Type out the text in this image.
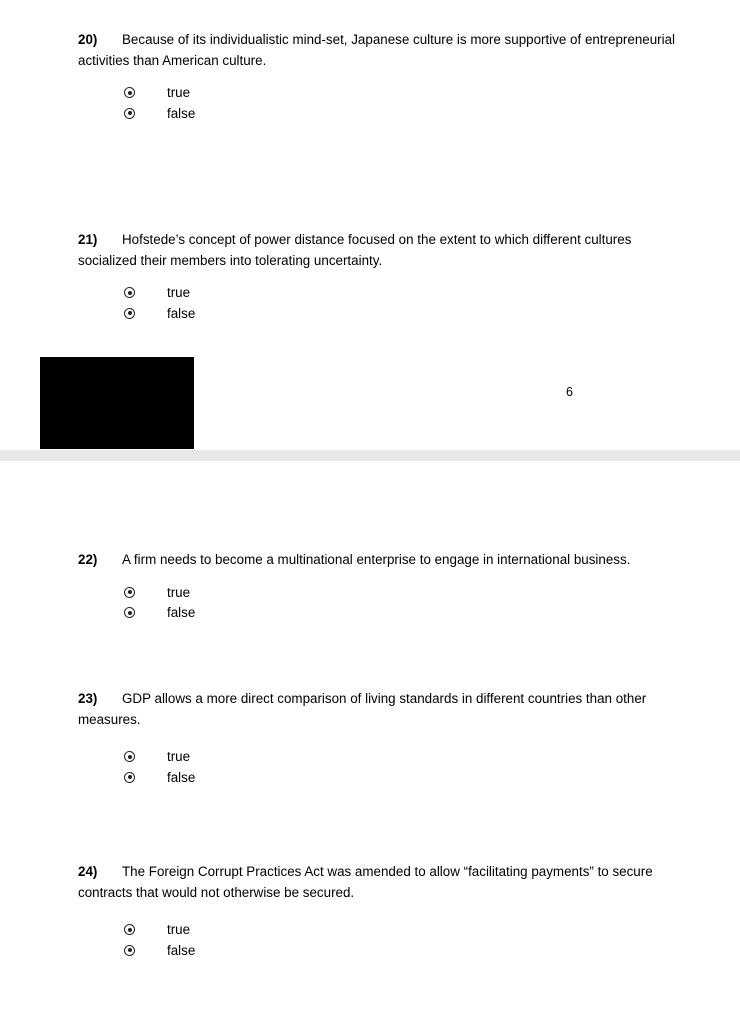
20) Because of its individualistic mind-set, Japanese culture is more supportive of entrepreneurial activities than American culture.

true
false

21) Hofstede’s concept of power distance focused on the extent to which different cultures socialized their members into tolerating uncertainty.

true
false
6

22) A firm needs to become a multinational enterprise to engage in international business.

true
false

23) GDP allows a more direct comparison of living standards in different countries than other measures.

true
false

24) The Foreign Corrupt Practices Act was amended to allow “facilitating payments” to secure contracts that would not otherwise be secured.

true
false
